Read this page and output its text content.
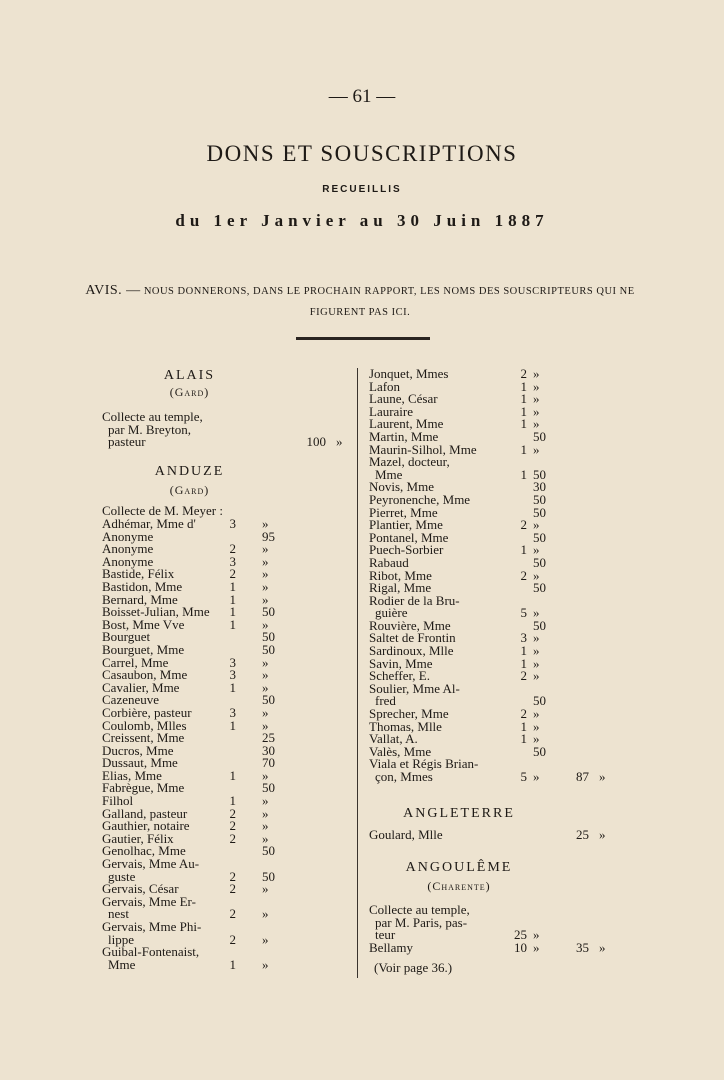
— 61 —
DONS ET SOUSCRIPTIONS
RECUEILLIS
du 1er Janvier au 30 Juin 1887
AVIS. — NOUS DONNERONS, DANS LE PROCHAIN RAPPORT, LES NOMS DES SOUSCRIPTEURS QUI NE FIGURENT PAS ICI.
ALAIS
(Gard)
Collecte au temple,
par M. Breyton,
pasteur	100 »
ANDUZE
(Gard)
Collecte de M. Meyer :
Adhémar, Mme d'	3 »
Anonyme	95
Anonyme	2 »
Anonyme	3 »
Bastide, Félix	2 »
Bastidon, Mme	1 »
Bernard, Mme	1 »
Boisset-Julian, Mme	1 50
Bost, Mme Vve	1 »
Bourguet	50
Bourguet, Mme	50
Carrel, Mme	3 »
Casaubon, Mme	3 »
Cavalier, Mme	1 »
Cazeneuve	50
Corbière, pasteur	3 »
Coulomb, Mlles	1 »
Creissent, Mme	25
Ducros, Mme	30
Dussaut, Mme	70
Elias, Mme	1 »
Fabrègue, Mme	50
Filhol	1 »
Galland, pasteur	2 »
Gauthier, notaire	2 »
Gautier, Félix	2 »
Genolhac, Mme	50
Gervais, Mme Au-
guste	2 50
Gervais, César	2 »
Gervais, Mme Er-
nest	2 »
Gervais, Mme Phi-
lippe	2 »
Guibal-Fontenaist,
Mme	1 »
Jonquet, Mmes	2 »
Lafon	1 »
Laune, César	1 »
Lauraire	1 »
Laurent, Mme	1 »
Martin, Mme	50
Maurin-Silhol, Mme	1 »
Mazel, docteur,
Mme	1 50
Novis, Mme	30
Peyronenche, Mme	50
Pierret, Mme	50
Plantier, Mme	2 »
Pontanel, Mme	50
Puech-Sorbier	1 »
Rabaud	50
Ribot, Mme	2 »
Rigal, Mme	50
Rodier de la Bru-
guière	5 »
Rouvière, Mme	50
Saltet de Frontin	3 »
Sardinoux, Mlle	1 »
Savin, Mme	1 »
Scheffer, E.	2 »
Soulier, Mme Al-
fred	50
Sprecher, Mme	2 »
Thomas, Mlle	1 »
Vallat, A.	1 »
Valès, Mme	50
Viala et Régis Brian-
çon, Mmes	5 »	87 »
ANGLETERRE
Goulard, Mlle	25 »
ANGOULÊME
(Charente)
Collecte au temple,
par M. Paris, pas-
teur	25 »
Bellamy	10 »	35 »
(Voir page 36.)
